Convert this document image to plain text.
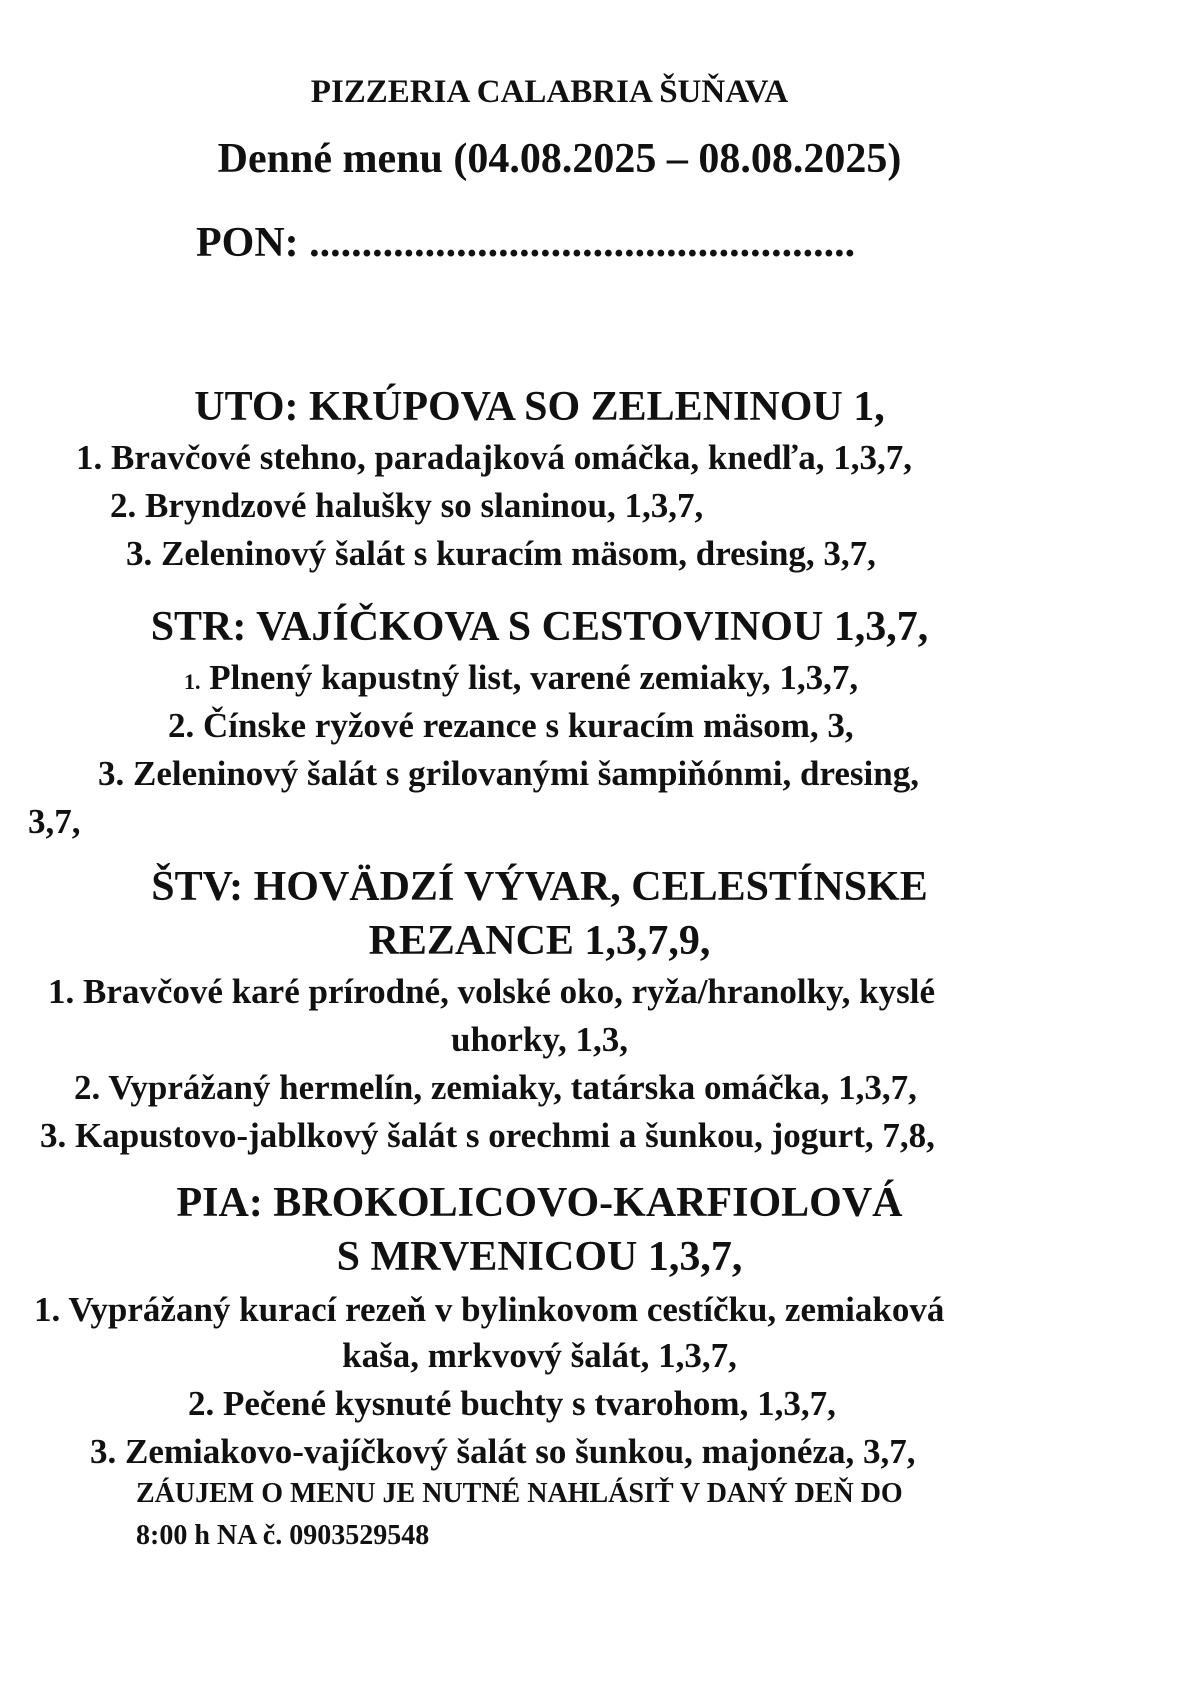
PIZZERIA CALABRIA ŠUŇAVA
Denné menu (04.08.2025 – 08.08.2025)
PON: ....................................................
UTO: KRÚPOVA SO ZELENINOU 1,
1. Bravčové stehno, paradajková omáčka, knedľa, 1,3,7,
2. Bryndzové halušky so slaninou, 1,3,7,
3. Zeleninový šalát s kuracím mäsom, dresing, 3,7,
STR: VAJÍČKOVA S CESTOVINOU 1,3,7,
1. Plnený kapustný list, varené zemiaky, 1,3,7,
2. Čínske ryžové rezance s kuracím mäsom, 3,
3. Zeleninový šalát s grilovanými šampiňónmi, dresing,
3,7,
ŠTV: HOVÄDZÍ VÝVAR, CELESTÍNSKE
REZANCE 1,3,7,9,
1. Bravčové karé prírodné, volské oko, ryža/hranolky, kyslé
uhorky, 1,3,
2. Vyprážaný hermelín, zemiaky, tatárska omáčka, 1,3,7,
3. Kapustovo-jablkový šalát s orechmi a šunkou, jogurt, 7,8,
PIA: BROKOLICOVO-KARFIOLOVÁ
S MRVENICOU 1,3,7,
1. Vyprážaný kurací rezeň v bylinkovom cestíčku, zemiaková
kaša, mrkvový šalát, 1,3,7,
2. Pečené kysnuté buchty s tvarohom, 1,3,7,
3. Zemiakovo-vajíčkový šalát so šunkou, majonéza, 3,7,
ZÁUJEM O MENU JE NUTNÉ NAHLÁSIŤ V DANÝ DEŇ DO
8:00 h NA č. 0903529548
